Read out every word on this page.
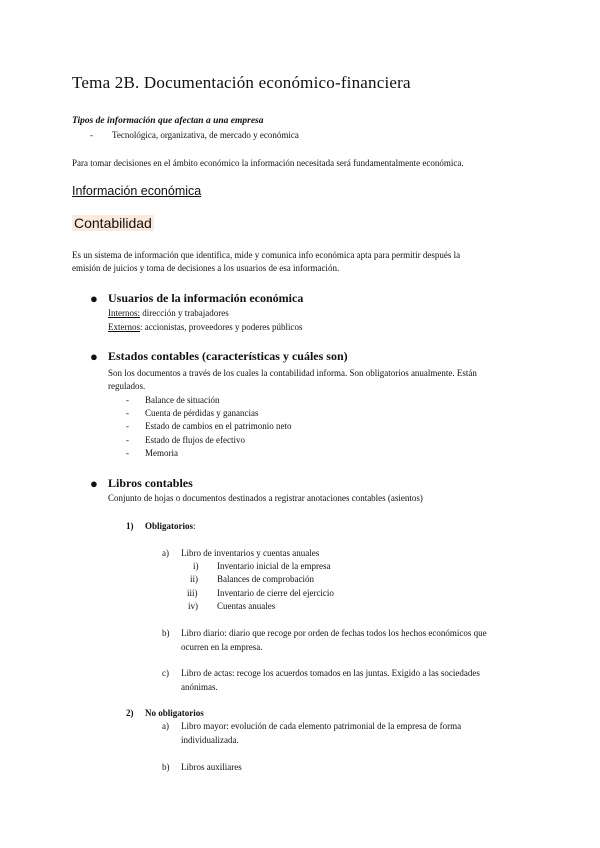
Tema 2B. Documentación económico-financiera
Tipos de información que afectan a una empresa
- Tecnológica, organizativa, de mercado y económica
Para tomar decisiones en el ámbito económico la información necesitada será fundamentalmente económica.
Información económica
Contabilidad
Es un sistema de información que identifica, mide y comunica info económica apta para permitir después la
emisión de juicios y toma de decisiones a los usuarios de esa información.
● Usuarios de la información económica
Internos: dirección y trabajadores
Externos: accionistas, proveedores y poderes públicos
● Estados contables (características y cuáles son)
Son los documentos a través de los cuales la contabilidad informa. Son obligatorios anualmente. Están
regulados.
- Balance de situación
- Cuenta de pérdidas y ganancias
- Estado de cambios en el patrimonio neto
- Estado de flujos de efectivo
- Memoria
● Libros contables
Conjunto de hojas o documentos destinados a registrar anotaciones contables (asientos)
1) Obligatorios:
a) Libro de inventarios y cuentas anuales
i) Inventario inicial de la empresa
ii) Balances de comprobación
iii) Inventario de cierre del ejercicio
iv) Cuentas anuales
b) Libro diario: diario que recoge por orden de fechas todos los hechos económicos que
ocurren en la empresa.
c) Libro de actas: recoge los acuerdos tomados en las juntas. Exigido a las sociedades
anónimas.
2) No obligatorios
a) Libro mayor: evolución de cada elemento patrimonial de la empresa de forma
individualizada.
b) Libros auxiliares
